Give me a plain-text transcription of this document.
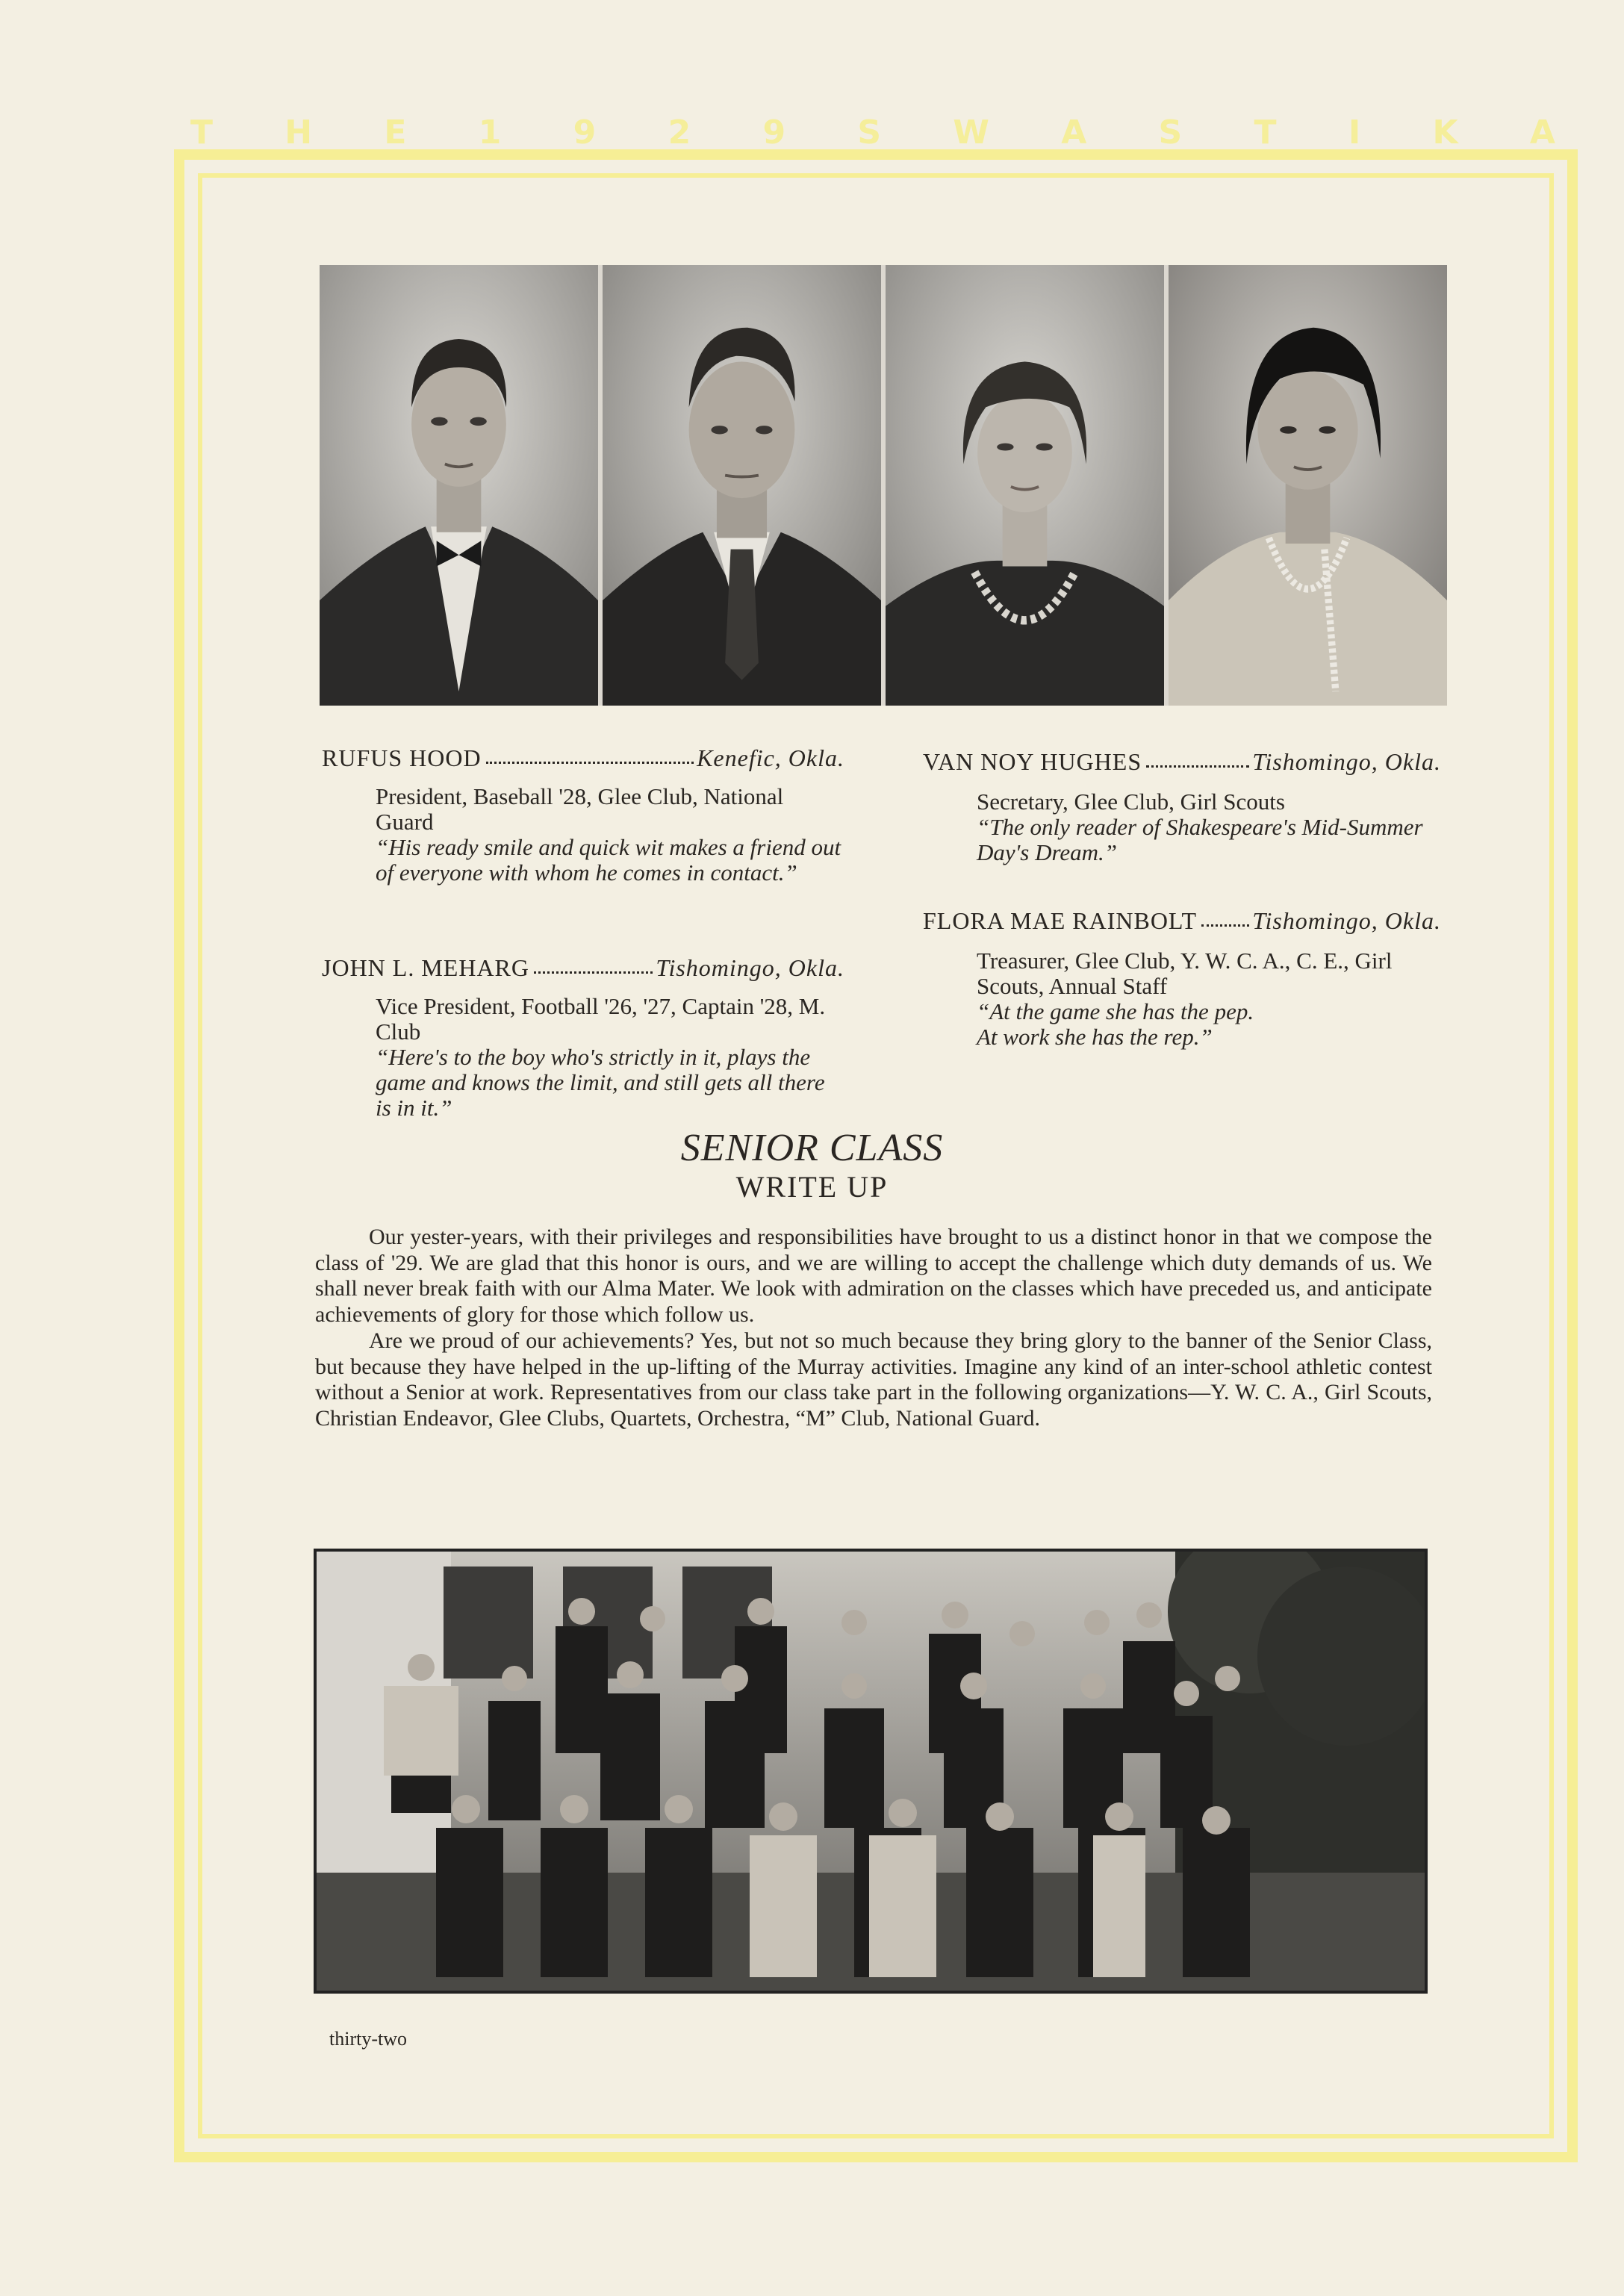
T H E 1 9 2 9 S W A S T I K A
RUFUS HOOD	Kenefic, Okla.
President, Baseball '28, Glee Club, National Guard
“His ready smile and quick wit makes a friend out of everyone with whom he comes in contact.”
JOHN L. MEHARG	Tishomingo, Okla.
Vice President, Football '26, '27, Captain '28, M. Club
“Here's to the boy who's strictly in it, plays the game and knows the limit, and still gets all there is in it.”
VAN NOY HUGHES	Tishomingo, Okla.
Secretary, Glee Club, Girl Scouts
“The only reader of Shakespeare's Mid-Summer Day's Dream.”
FLORA MAE RAINBOLT Tishomingo, Okla.
Treasurer, Glee Club, Y. W. C. A., C. E., Girl Scouts, Annual Staff
“At the game she has the pep.
At work she has the rep.”
SENIOR CLASS
WRITE UP

Our yester-years, with their privileges and responsibilities have brought to us a distinct honor in that we compose the class of '29. We are glad that this honor is ours, and we are willing to accept the challenge which duty demands of us. We shall never break faith with our Alma Mater. We look with admiration on the classes which have preceded us, and anticipate achievements of glory for those which follow us.

Are we proud of our achievements? Yes, but not so much because they bring glory to the banner of the Senior Class, but because they have helped in the up-lifting of the Murray activities. Imagine any kind of an inter-school athletic contest without a Senior at work. Representatives from our class take part in the following organizations—Y. W. C. A., Girl Scouts, Christian Endeavor, Glee Clubs, Quartets, Orchestra, “M” Club, National Guard.

thirty-two
